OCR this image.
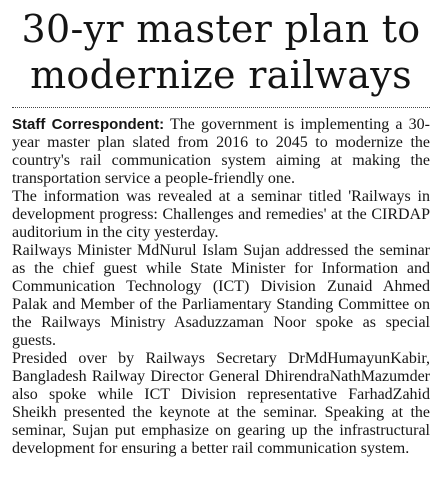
30-yr master plan to
modernize railways

Staff Correspondent: The government is implementing a 30-year master plan slated from 2016 to 2045 to modernize the country's rail communication system aiming at making the transportation service a people-friendly one.

The information was revealed at a seminar titled 'Railways in development progress: Challenges and remedies' at the CIRDAP auditorium in the city yesterday.

Railways Minister MdNurul Islam Sujan addressed the seminar as the chief guest while State Minister for Information and Communication Technology (ICT) Division Zunaid Ahmed Palak and Member of the Parliamentary Standing Committee on the Railways Ministry Asaduzzaman Noor spoke as special guests.

Presided over by Railways Secretary DrMdHumayunKabir, Bangladesh Railway Director General DhirendraNathMazumder also spoke while ICT Division representative FarhadZahid Sheikh presented the keynote at the seminar. Speaking at the seminar, Sujan put emphasize on gearing up the infrastructural development for ensuring a better rail communication system.
